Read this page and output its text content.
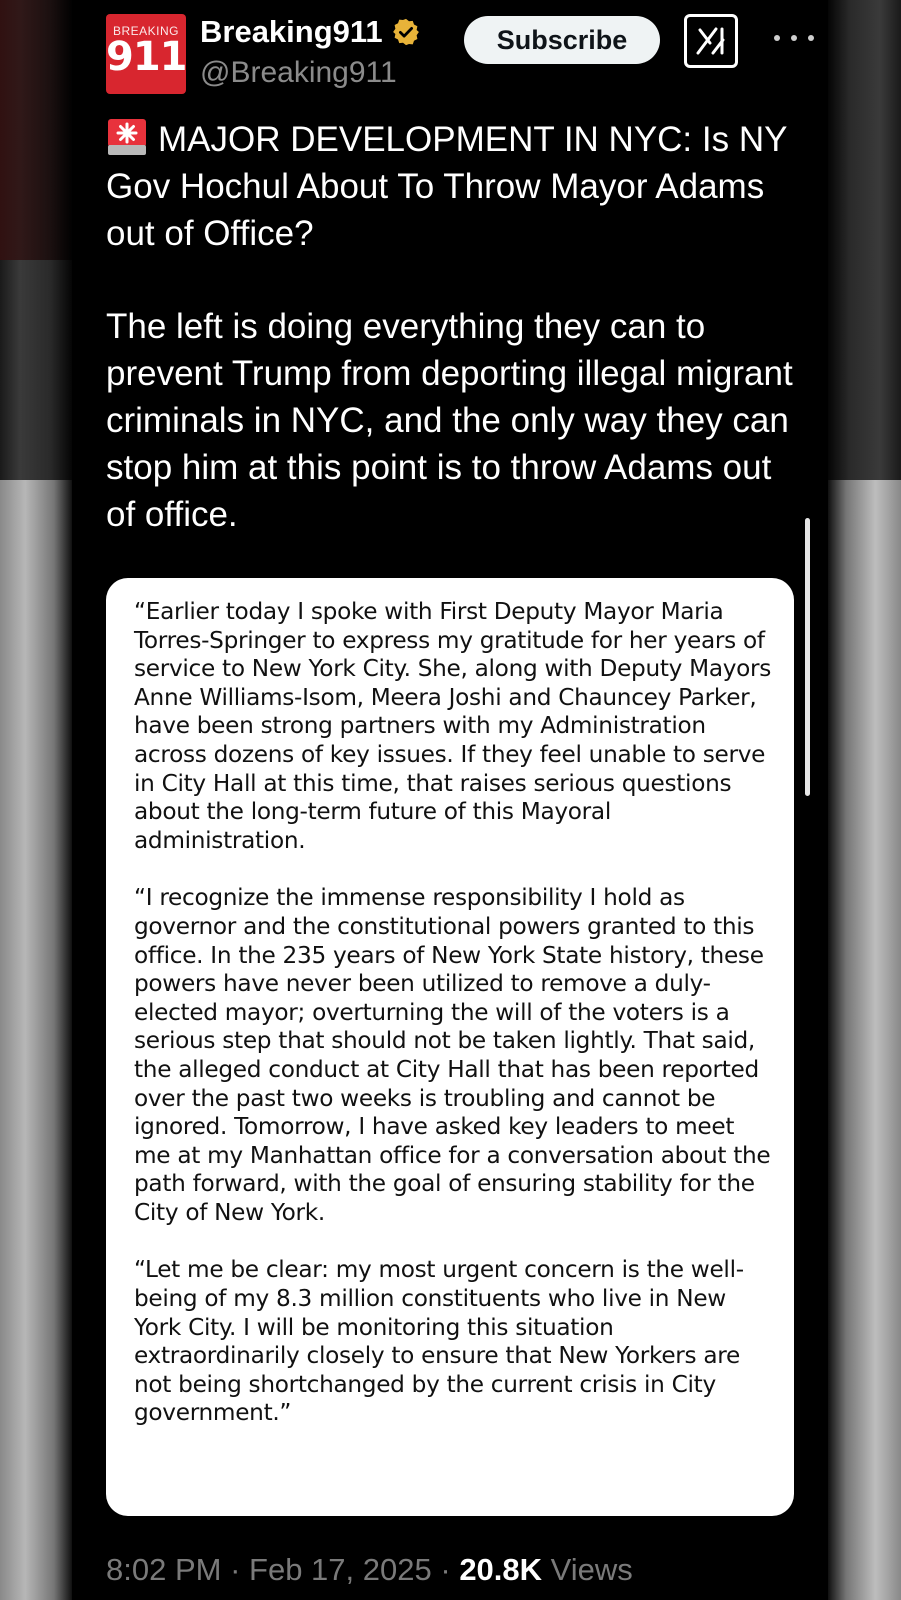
BREAKING
911
Breaking911
@Breaking911
Subscribe

MAJOR DEVELOPMENT IN NYC: Is NY Gov Hochul About To Throw Mayor Adams out of Office?

The left is doing everything they can to prevent Trump from deporting illegal migrant criminals in NYC, and the only way they can stop him at this point is to throw Adams out of office.

“Earlier today I spoke with First Deputy Mayor Maria Torres-Springer to express my gratitude for her years of service to New York City. She, along with Deputy Mayors Anne Williams-Isom, Meera Joshi and Chauncey Parker, have been strong partners with my Administration across dozens of key issues. If they feel unable to serve in City Hall at this time, that raises serious questions about the long-term future of this Mayoral administration.

“I recognize the immense responsibility I hold as governor and the constitutional powers granted to this office. In the 235 years of New York State history, these powers have never been utilized to remove a duly-elected mayor; overturning the will of the voters is a serious step that should not be taken lightly. That said, the alleged conduct at City Hall that has been reported over the past two weeks is troubling and cannot be ignored. Tomorrow, I have asked key leaders to meet me at my Manhattan office for a conversation about the path forward, with the goal of ensuring stability for the City of New York.

“Let me be clear: my most urgent concern is the well-being of my 8.3 million constituents who live in New York City. I will be monitoring this situation extraordinarily closely to ensure that New Yorkers are not being shortchanged by the current crisis in City government.”

8:02 PM · Feb 17, 2025 · 20.8K Views
